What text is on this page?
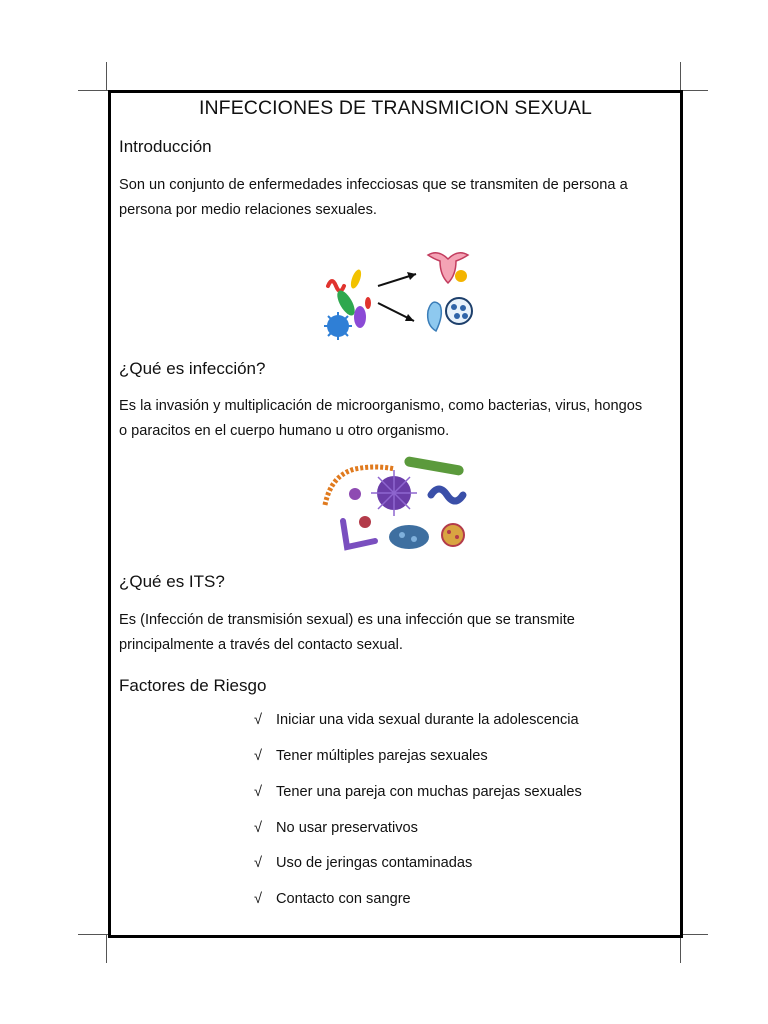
INFECCIONES DE TRANSMICION SEXUAL
Introducción
Son un conjunto de enfermedades infecciosas que se transmiten de persona a
persona por medio relaciones sexuales.
¿Qué es infección?
Es la invasión y multiplicación de microorganismo, como bacterias, virus, hongos
o paracitos en el cuerpo humano u otro organismo.
¿Qué es ITS?
Es (Infección de transmisión sexual) es una infección que se transmite
principalmente a través del contacto sexual.
Factores de Riesgo
√ Iniciar una vida sexual durante la adolescencia
√ Tener múltiples parejas sexuales
√ Tener una pareja con muchas parejas sexuales
√ No usar preservativos
√ Uso de jeringas contaminadas
√ Contacto con sangre
